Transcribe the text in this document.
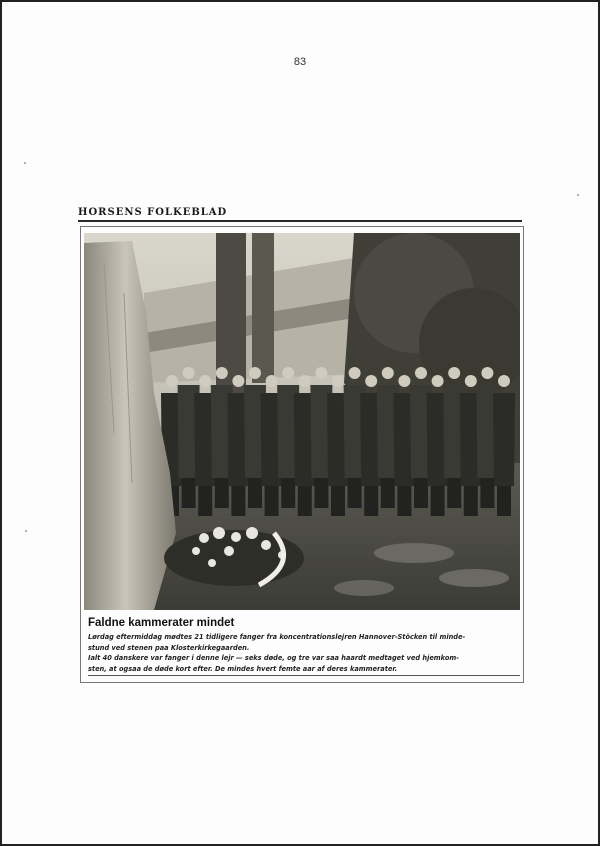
83
HORSENS FOLKEBLAD
Faldne kammerater mindet

Lørdag eftermiddag mødtes 21 tidligere fanger fra koncentrationslejren Hannover-Stöcken til minde-

stund ved stenen paa Klosterkirkegaarden.

Ialt 40 danskere var fanger i denne lejr — seks døde, og tre var saa haardt medtaget ved hjemkom-

sten, at ogsaa de døde kort efter. De mindes hvert femte aar af deres kammerater.
